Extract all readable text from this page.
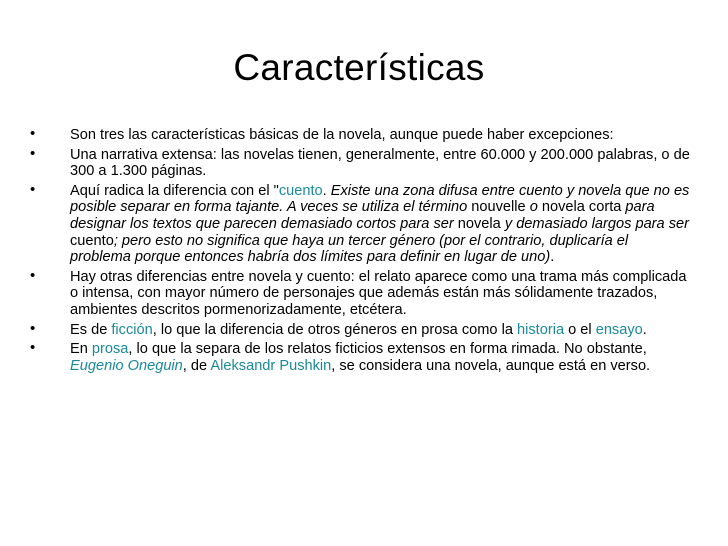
Características
• Son tres las características básicas de la novela, aunque puede haber excepciones:
• Una narrativa extensa: las novelas tienen, generalmente, entre 60.000 y 200.000 palabras, o de 300 a 1.300 páginas.
• Aquí radica la diferencia con el "cuento. Existe una zona difusa entre cuento y novela que no es posible separar en forma tajante. A veces se utiliza el término nouvelle o novela corta para designar los textos que parecen demasiado cortos para ser novela y demasiado largos para ser cuento; pero esto no significa que haya un tercer género (por el contrario, duplicaría el problema porque entonces habría dos límites para definir en lugar de uno).
• Hay otras diferencias entre novela y cuento: el relato aparece como una trama más complicada o intensa, con mayor número de personajes que además están más sólidamente trazados, ambientes descritos pormenorizadamente, etcétera.
• Es de ficción, lo que la diferencia de otros géneros en prosa como la historia o el ensayo.
• En prosa, lo que la separa de los relatos ficticios extensos en forma rimada. No obstante, Eugenio Oneguin, de Aleksandr Pushkin, se considera una novela, aunque está en verso.
